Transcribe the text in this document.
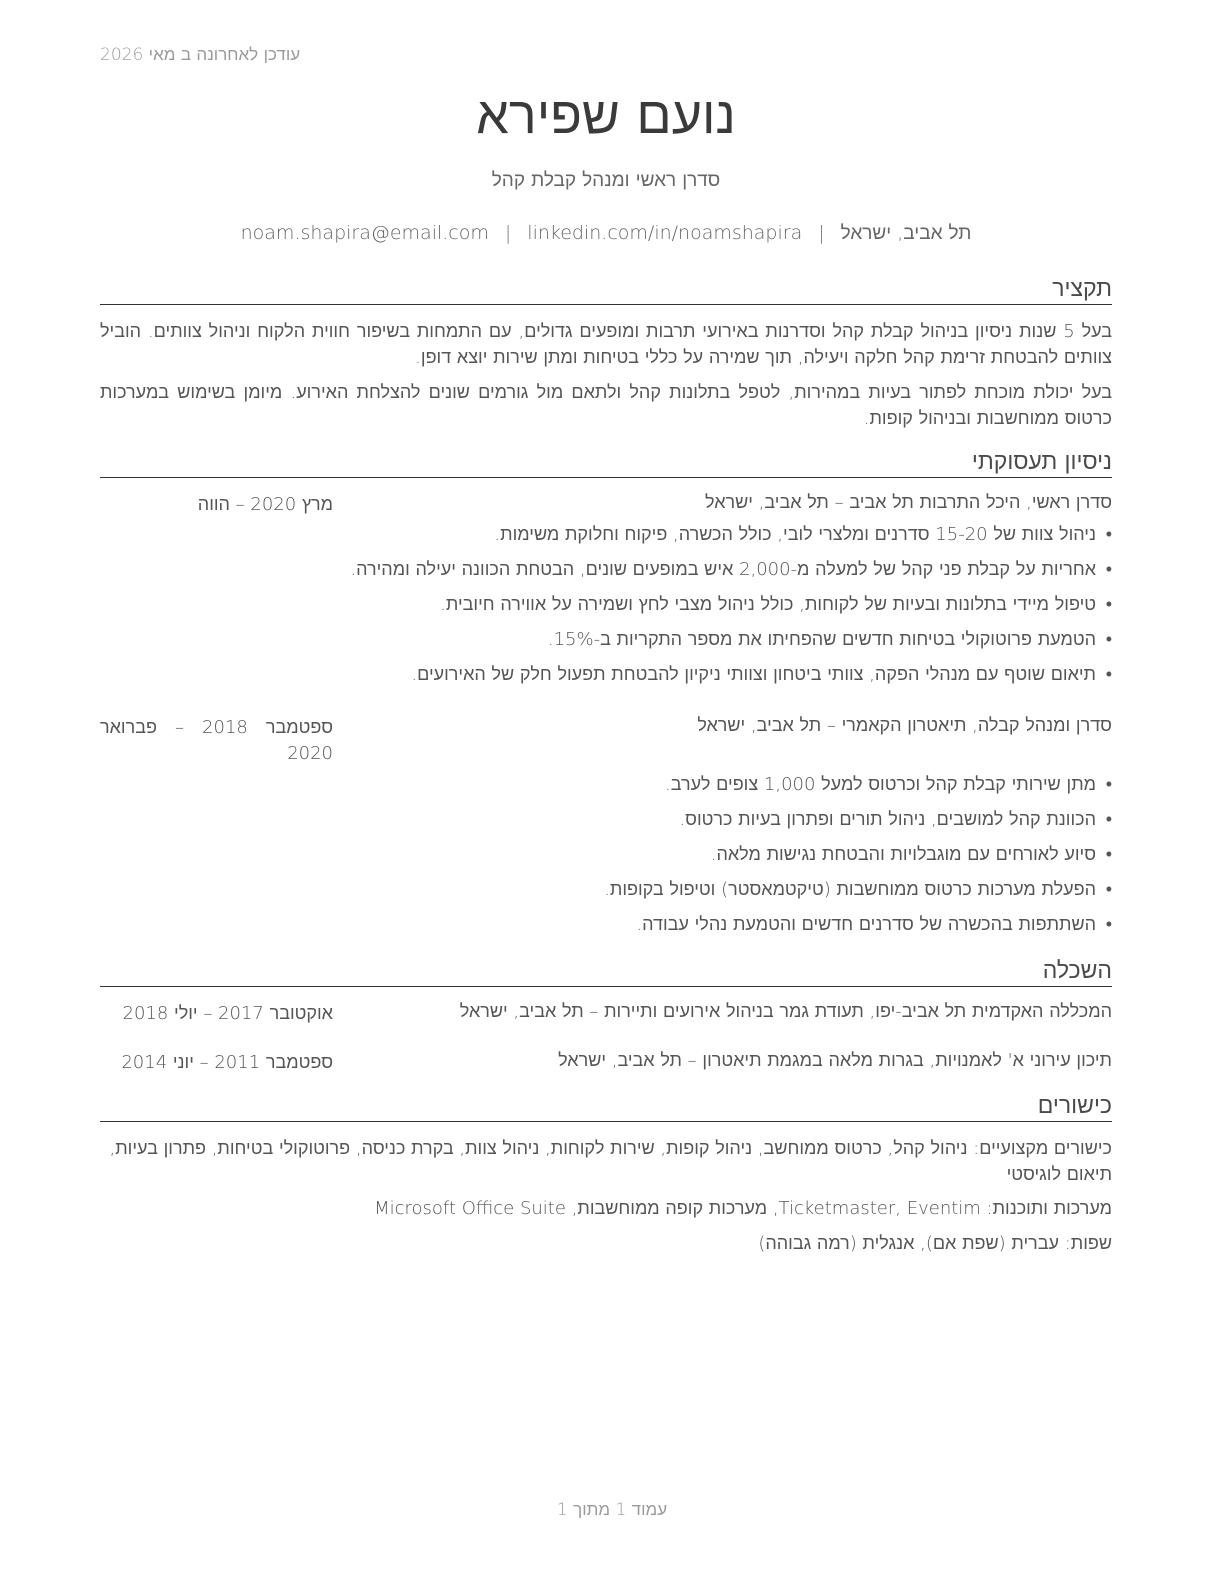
עודכן לאחרונה ב מאי 2026
נועם שפירא
סדרן ראשי ומנהל קבלת קהל
תל אביב, ישראל|noam.shapira@email.com | linkedin.com/in/noamshapira
תקציר
בעל 5 שנות ניסיון בניהול קבלת קהל וסדרנות באירועי תרבות ומופעים גדולים, עם התמחות בשיפור חווית הלקוח וניהול צוותים. הוביל צוותים להבטחת זרימת קהל חלקה ויעילה, תוך שמירה על כללי בטיחות ומתן שירות יוצא דופן.
בעל יכולת מוכחת לפתור בעיות במהירות, לטפל בתלונות קהל ולתאם מול גורמים שונים להצלחת האירוע. מיומן בשימוש במערכות כרטוס ממוחשבות ובניהול קופות.
ניסיון תעסוקתי
סדרן ראשי, היכל התרבות תל אביב – תל אביב, ישראל
מרץ 2020 – הווה
•
ניהול צוות של 15-20 סדרנים ומלצרי לובי, כולל הכשרה, פיקוח וחלוקת משימות.
•
אחריות על קבלת פני קהל של למעלה מ-2,000 איש במופעים שונים, הבטחת הכוונה יעילה ומהירה.
•
טיפול מיידי בתלונות ובעיות של לקוחות, כולל ניהול מצבי לחץ ושמירה על אווירה חיובית.
•
הטמעת פרוטוקולי בטיחות חדשים שהפחיתו את מספר התקריות ב-15%.
•
תיאום שוטף עם מנהלי הפקה, צוותי ביטחון וצוותי ניקיון להבטחת תפעול חלק של האירועים.
סדרן ומנהל קבלה, תיאטרון הקאמרי – תל אביב, ישראל
ספטמבר 2018 – פברואר 2020
•
מתן שירותי קבלת קהל וכרטוס למעל 1,000 צופים לערב.
•
הכוונת קהל למושבים, ניהול תורים ופתרון בעיות כרטוס.
•
סיוע לאורחים עם מוגבלויות והבטחת נגישות מלאה.
•
הפעלת מערכות כרטוס ממוחשבות (טיקטמאסטר) וטיפול בקופות.
•
השתתפות בהכשרה של סדרנים חדשים והטמעת נהלי עבודה.
השכלה
המכללה האקדמית תל אביב-יפו, תעודת גמר בניהול אירועים ותיירות – תל אביב, ישראל
אוקטובר 2017 – יולי 2018
תיכון עירוני א' לאמנויות, בגרות מלאה במגמת תיאטרון – תל אביב, ישראל
ספטמבר 2011 – יוני 2014
כישורים
כישורים מקצועיים: ניהול קהל, כרטוס ממוחשב, ניהול קופות, שירות לקוחות, ניהול צוות, בקרת כניסה, פרוטוקולי בטיחות, פתרון בעיות, תיאום לוגיסטי
מערכות ותוכנות: Ticketmaster, Eventim, מערכות קופה ממוחשבות, Microsoft Office Suite
שפות: עברית (שפת אם), אנגלית (רמה גבוהה)
עמוד 1 מתוך 1
